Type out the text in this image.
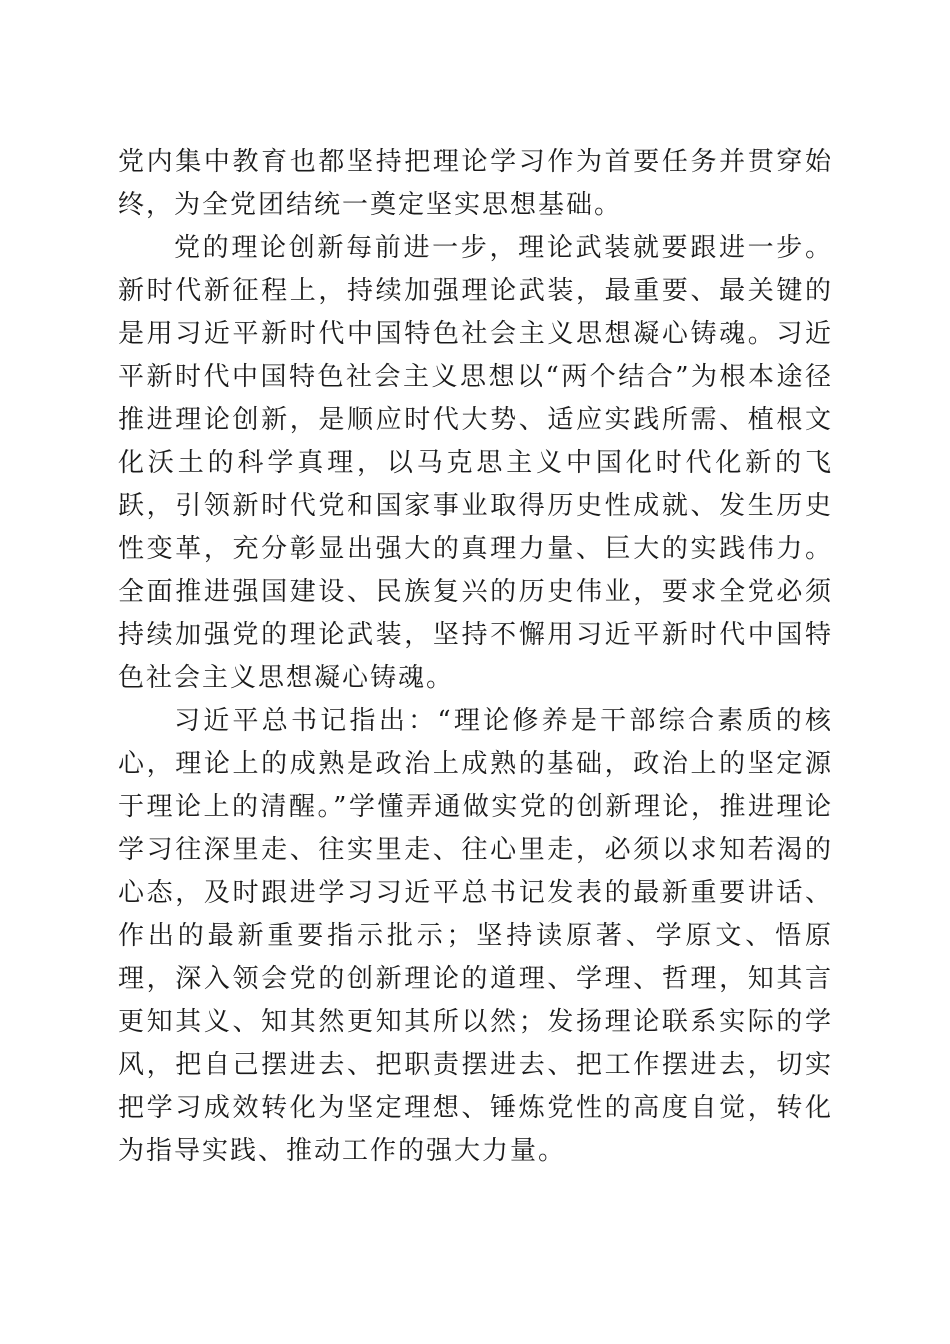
党内集中教育也都坚持把理论学习作为首要任务并贯穿始终，为全党团结统一奠定坚实思想基础。

党的理论创新每前进一步，理论武装就要跟进一步。新时代新征程上，持续加强理论武装，最重要、最关键的是用习近平新时代中国特色社会主义思想凝心铸魂。习近平新时代中国特色社会主义思想以“两个结合”为根本途径推进理论创新，是顺应时代大势、适应实践所需、植根文化沃土的科学真理，以马克思主义中国化时代化新的飞跃，引领新时代党和国家事业取得历史性成就、发生历史性变革，充分彰显出强大的真理力量、巨大的实践伟力。全面推进强国建设、民族复兴的历史伟业，要求全党必须持续加强党的理论武装，坚持不懈用习近平新时代中国特色社会主义思想凝心铸魂。

习近平总书记指出：“理论修养是干部综合素质的核心，理论上的成熟是政治上成熟的基础，政治上的坚定源于理论上的清醒。”学懂弄通做实党的创新理论，推进理论学习往深里走、往实里走、往心里走，必须以求知若渴的心态，及时跟进学习习近平总书记发表的最新重要讲话、作出的最新重要指示批示；坚持读原著、学原文、悟原理，深入领会党的创新理论的道理、学理、哲理，知其言更知其义、知其然更知其所以然；发扬理论联系实际的学风，把自己摆进去、把职责摆进去、把工作摆进去，切实把学习成效转化为坚定理想、锤炼党性的高度自觉，转化为指导实践、推动工作的强大力量。
